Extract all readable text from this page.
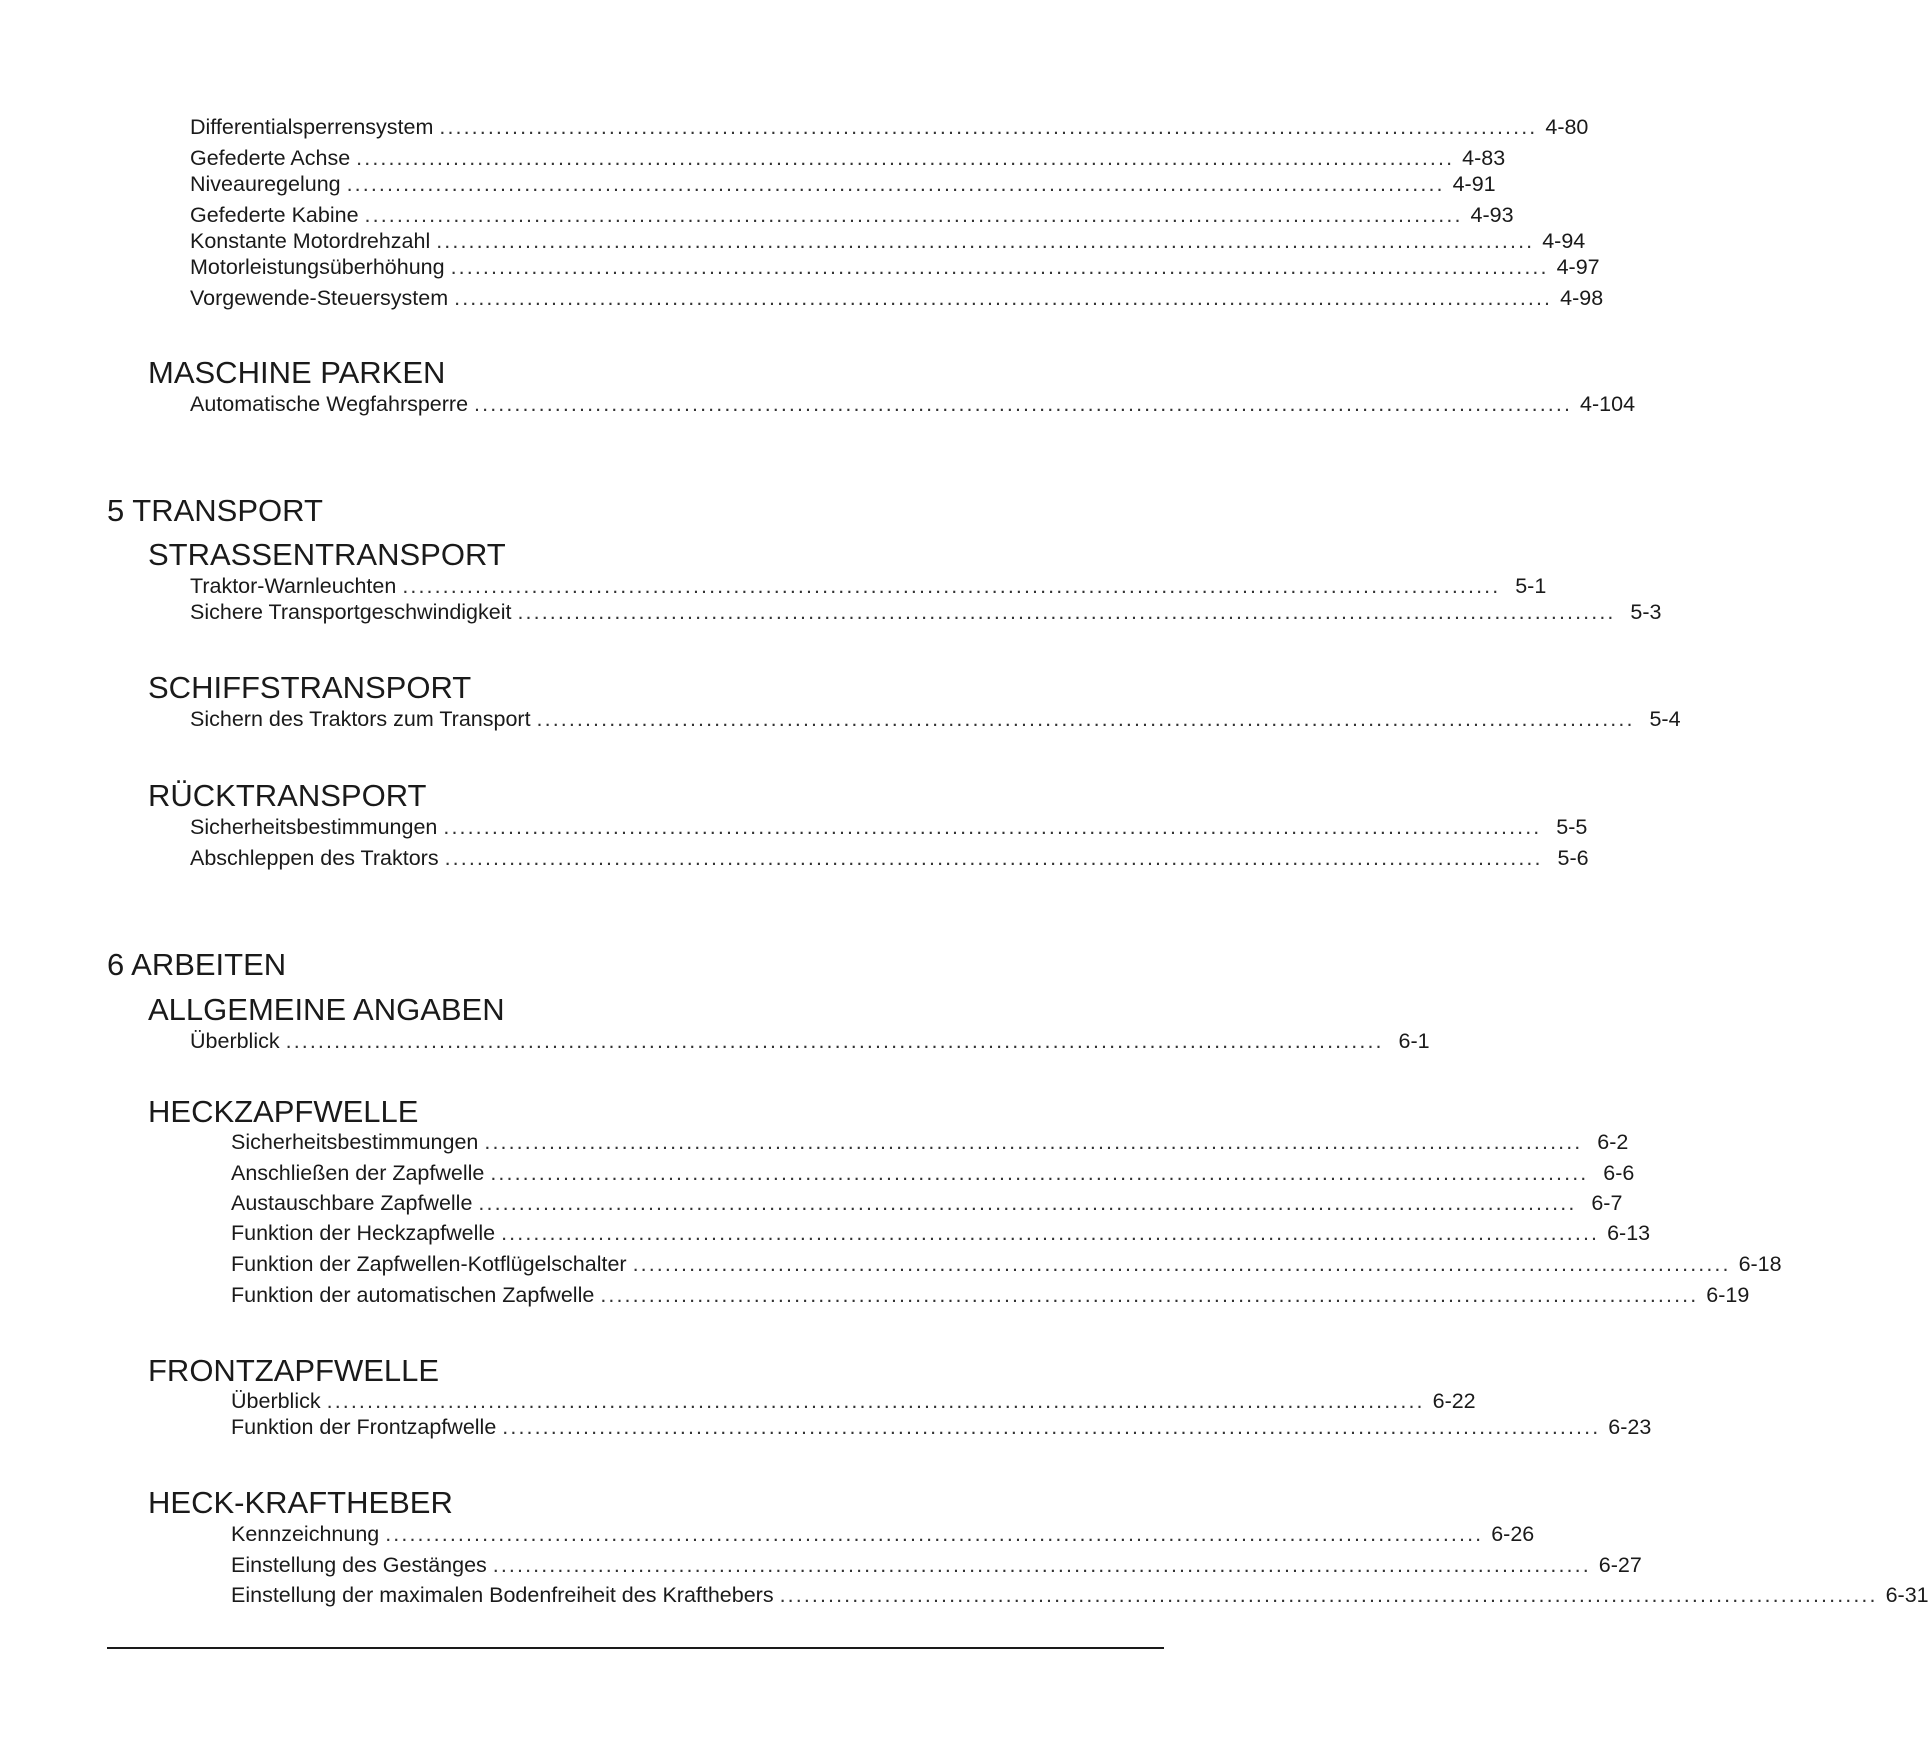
Differentialsperrensystem ........................................................................................................................................ 4-80
Gefederte Achse ........................................................................................................................................ 4-83
Niveauregelung ........................................................................................................................................ 4-91
Gefederte Kabine ........................................................................................................................................ 4-93
Konstante Motordrehzahl ........................................................................................................................................ 4-94
Motorleistungsüberhöhung ........................................................................................................................................ 4-97
Vorgewende-Steuersystem ........................................................................................................................................ 4-98
MASCHINE PARKEN
Automatische Wegfahrsperre ........................................................................................................................................ 4-104
5 TRANSPORT
STRASSENTRANSPORT
Traktor-Warnleuchten ........................................................................................................................................ 5-1
Sichere Transportgeschwindigkeit ........................................................................................................................................ 5-3
SCHIFFSTRANSPORT
Sichern des Traktors zum Transport ........................................................................................................................................ 5-4
RÜCKTRANSPORT
Sicherheitsbestimmungen ........................................................................................................................................ 5-5
Abschleppen des Traktors ........................................................................................................................................ 5-6
6 ARBEITEN
ALLGEMEINE ANGABEN
Überblick ........................................................................................................................................ 6-1
HECKZAPFWELLE
Sicherheitsbestimmungen ........................................................................................................................................ 6-2
Anschließen der Zapfwelle ........................................................................................................................................ 6-6
Austauschbare Zapfwelle ........................................................................................................................................ 6-7
Funktion der Heckzapfwelle ........................................................................................................................................ 6-13
Funktion der Zapfwellen-Kotflügelschalter ........................................................................................................................................ 6-18
Funktion der automatischen Zapfwelle ........................................................................................................................................ 6-19
FRONTZAPFWELLE
Überblick ........................................................................................................................................ 6-22
Funktion der Frontzapfwelle ........................................................................................................................................ 6-23
HECK-KRAFTHEBER
Kennzeichnung ........................................................................................................................................ 6-26
Einstellung des Gestänges ........................................................................................................................................ 6-27
Einstellung der maximalen Bodenfreiheit des Krafthebers ........................................................................................................................................ 6-31
